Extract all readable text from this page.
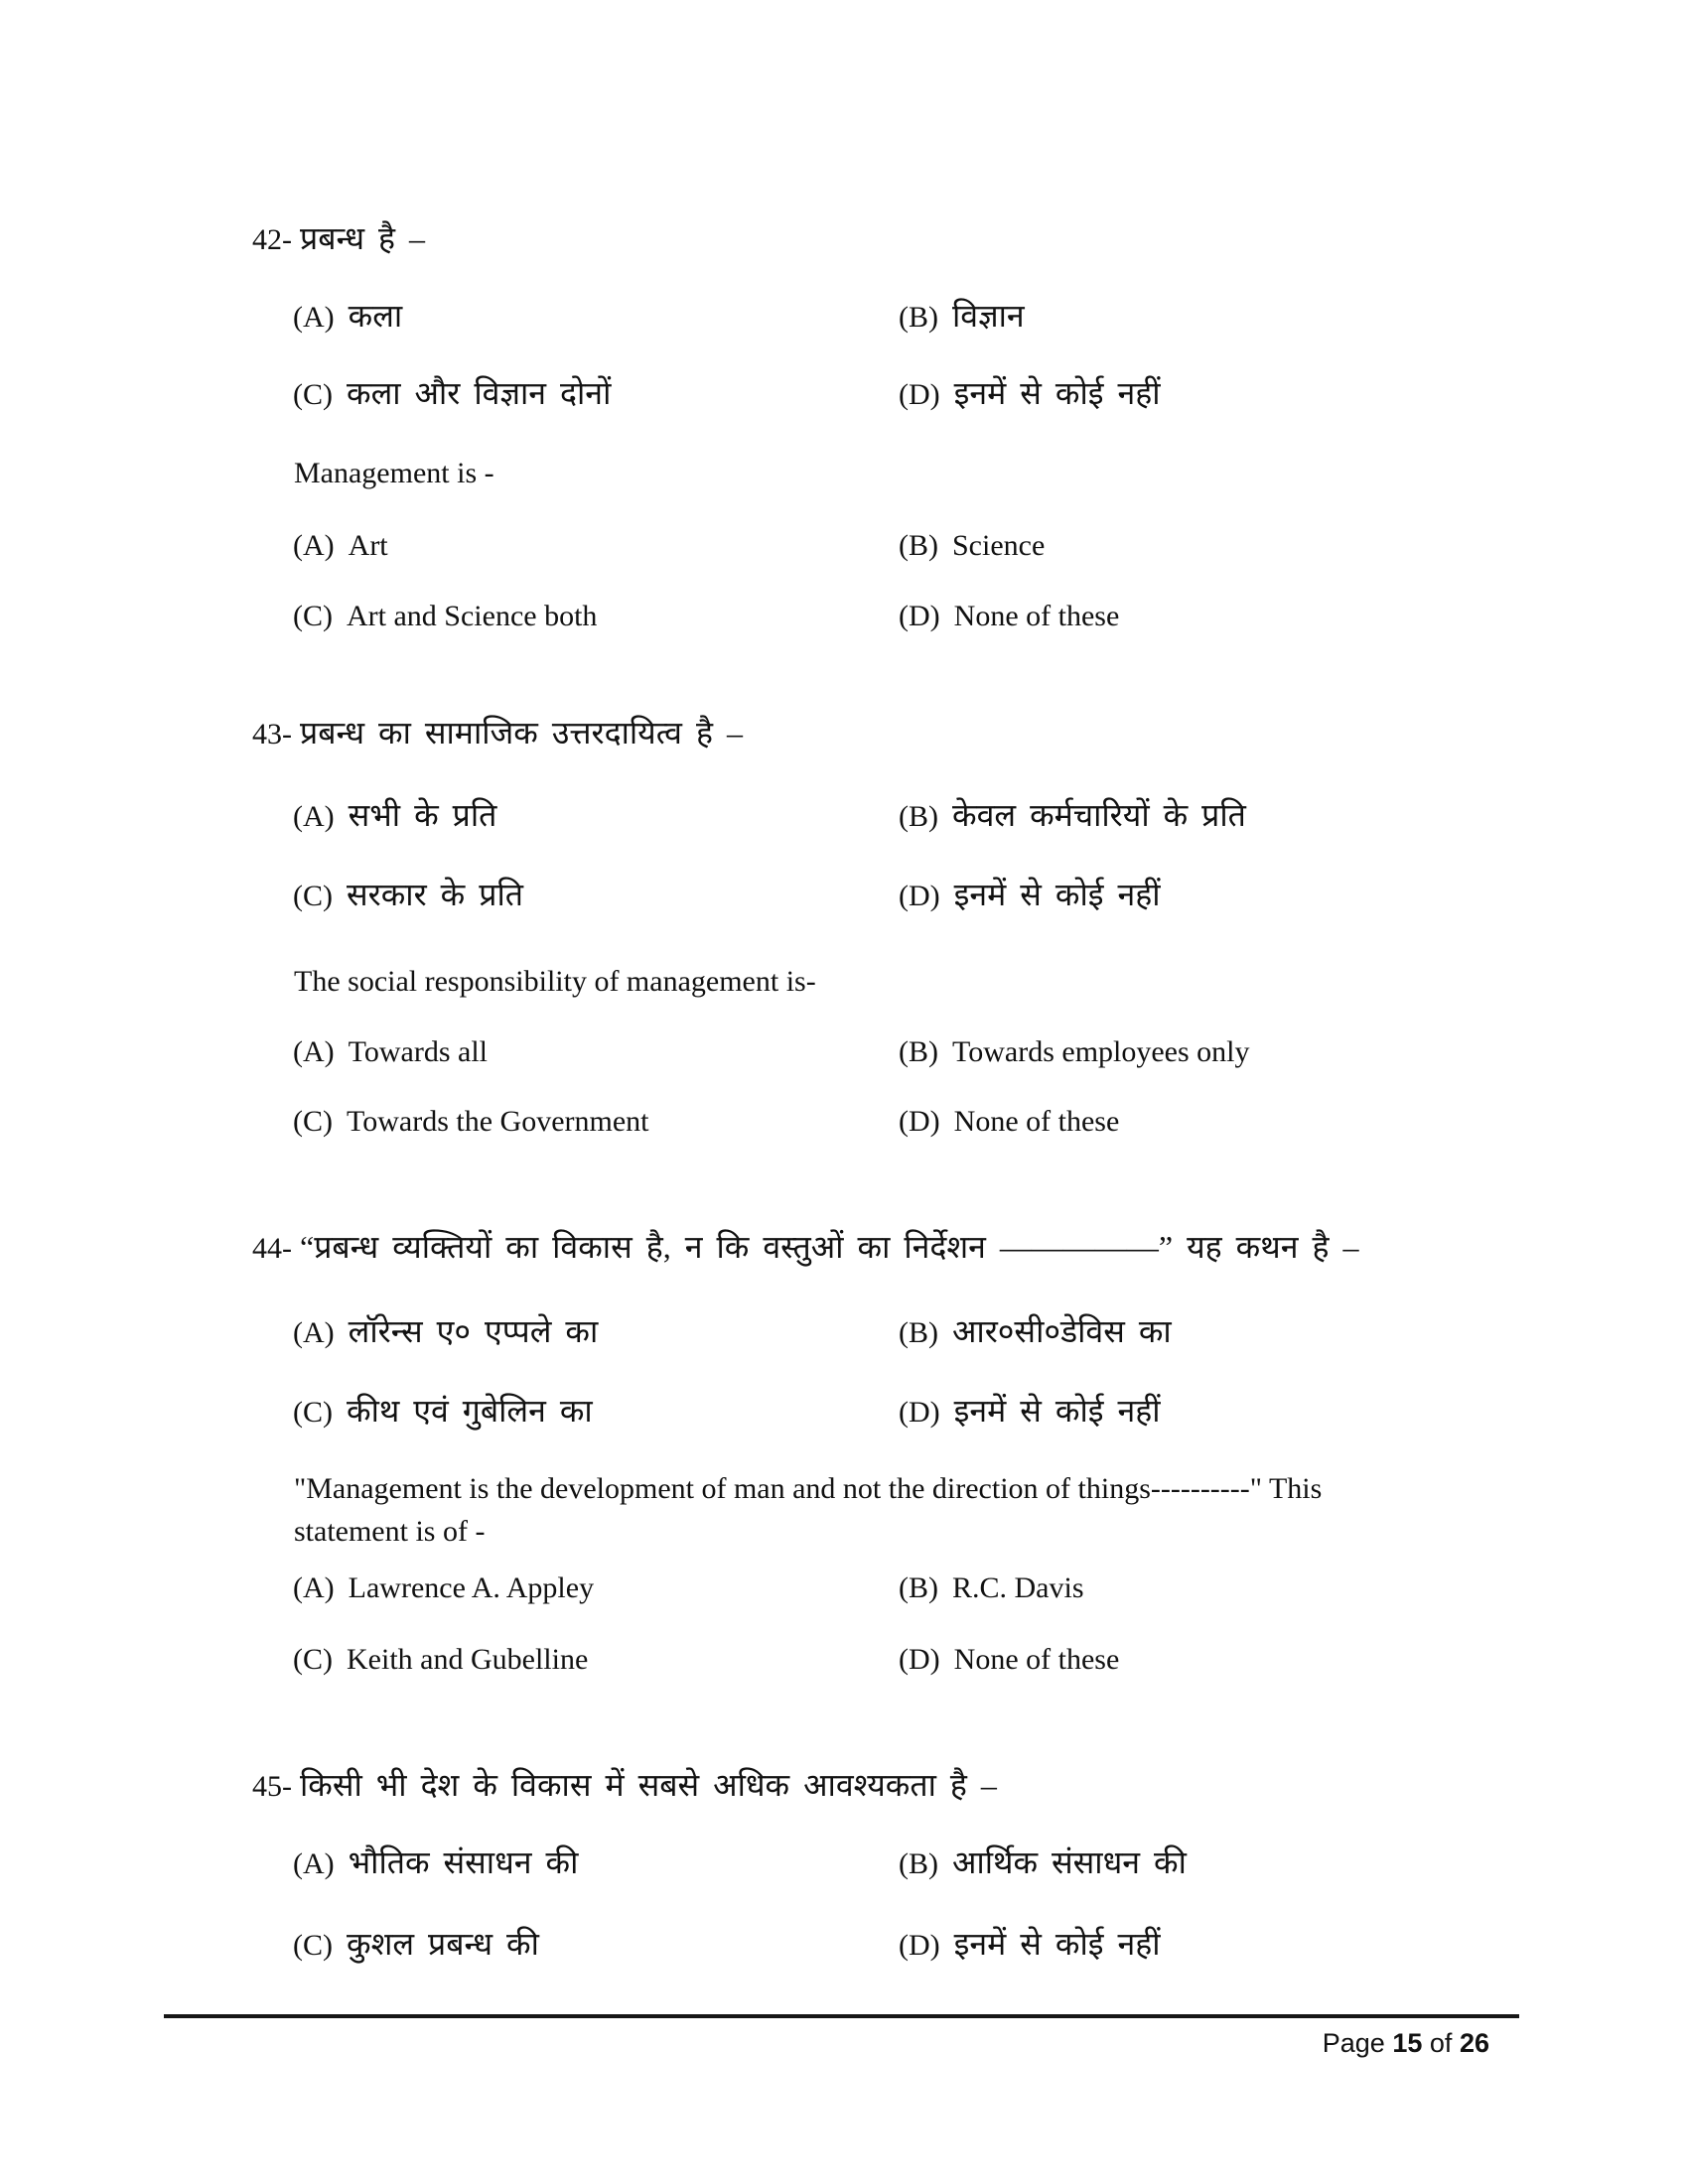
42- प्रबन्ध है –
(A) कला	(B) विज्ञान
(C) कला और विज्ञान दोनों	(D) इनमें से कोई नहीं
Management is -
(A) Art	(B) Science
(C) Art and Science both	(D) None of these
43- प्रबन्ध का सामाजिक उत्तरदायित्व है –
(A) सभी के प्रति	(B) केवल कर्मचारियों के प्रति
(C) सरकार के प्रति	(D) इनमें से कोई नहीं
The social responsibility of management is-
(A) Towards all	(B) Towards employees only
(C) Towards the Government	(D) None of these
44- “प्रबन्ध व्यक्तियों का विकास है, न कि वस्तुओं का निर्देशन —————” यह कथन है –
(A) लॉरेन्स ए० एप्पले का	(B) आर०सी०डेविस का
(C) कीथ एवं गुबेलिन का	(D) इनमें से कोई नहीं
"Management is the development of man and not the direction of things----------" This
statement is of -
(A) Lawrence A. Appley	(B) R.C. Davis
(C) Keith and Gubelline	(D) None of these
45- किसी भी देश के विकास में सबसे अधिक आवश्यकता है –
(A) भौतिक संसाधन की	(B) आर्थिक संसाधन की
(C) कुशल प्रबन्ध की	(D) इनमें से कोई नहीं
Page 15 of 26
